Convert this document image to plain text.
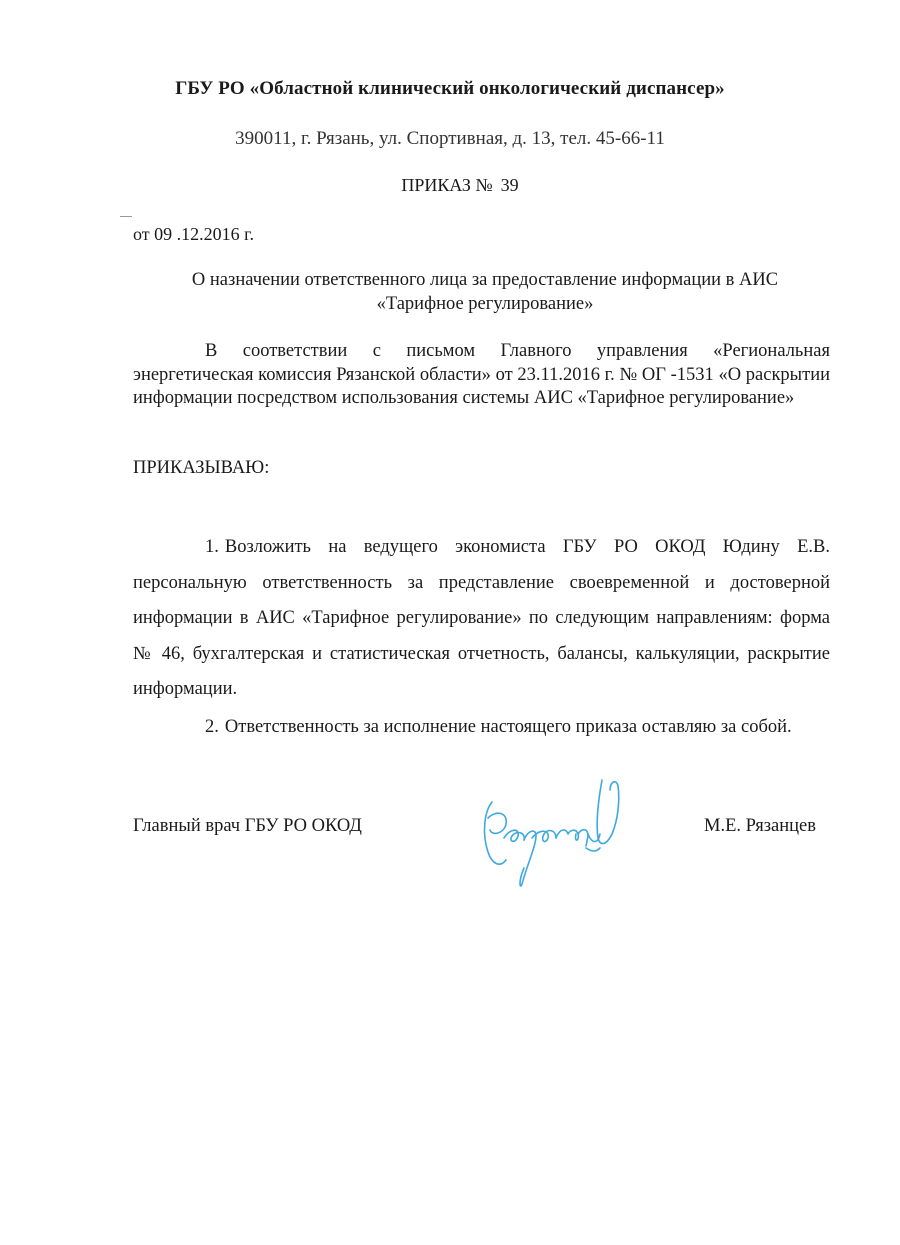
ГБУ РО «Областной клинический онкологический диспансер»
390011, г. Рязань, ул. Спортивная, д. 13, тел. 45-66-11
ПРИКАЗ № 39
от 09 .12.2016 г.
О назначении ответственного лица за предоставление информации в АИС
«Тарифное регулирование»

В соответствии с письмом Главного управления «Региональная энергетическая комиссия Рязанской области» от 23.11.2016 г. № ОГ -1531 «О раскрытии информации посредством использования системы АИС «Тарифное регулирование»

ПРИКАЗЫВАЮ:

1. Возложить на ведущего экономиста ГБУ РО ОКОД Юдину Е.В. персональную ответственность за представление своевременной и достоверной информации в АИС «Тарифное регулирование» по следующим направлениям: форма № 46, бухгалтерская и статистическая отчетность, балансы, калькуляции, раскрытие информации.

2. Ответственность за исполнение настоящего приказа оставляю за собой.

Главный врач ГБУ РО ОКОД	М.Е. Рязанцев
